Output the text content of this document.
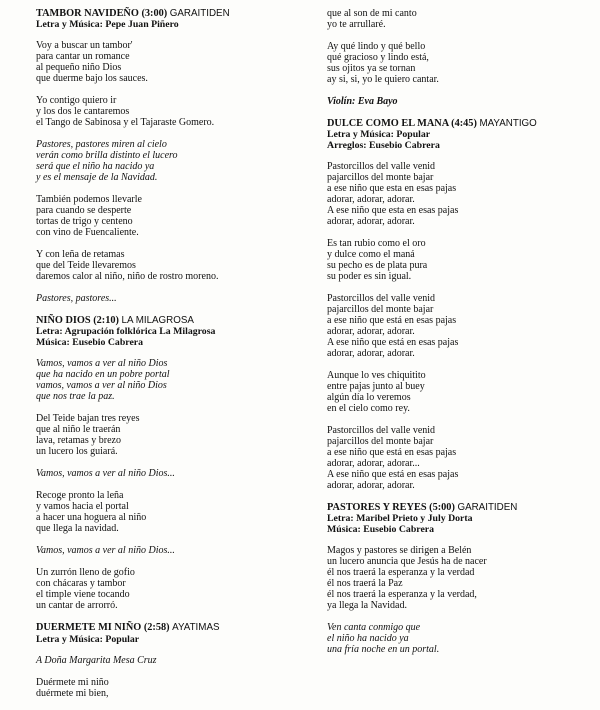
TAMBOR NAVIDEÑO (3:00) GARAITIDEN

Letra y Música: Pepe Juan Piñero

Voy a buscar un tambor'
para cantar un romance
al pequeño niño Dios
que duerme bajo los sauces.
Yo contigo quiero ir
y los dos le cantaremos
el Tango de Sabinosa y el Tajaraste Gomero.
Pastores, pastores miren al cielo
verán como brilla distinto el lucero
será que el niño ha nacido ya
y es el mensaje de la Navidad.
También podemos llevarle
para cuando se desperte
tortas de trigo y centeno
con vino de Fuencaliente.
Y con leña de retamas
que del Teide llevaremos
daremos calor al niño, niño de rostro moreno.
Pastores, pastores...

NIÑO DIOS (2:10) LA MILAGROSA

Letra: Agrupación folklórica La Milagrosa

Música: Eusebio Cabrera

Vamos, vamos a ver al niño Dios
que ha nacido en un pobre portal
vamos, vamos a ver al niño Dios
que nos trae la paz.
Del Teide bajan tres reyes
que al niño le traerán
lava, retamas y brezo
un lucero los guiará.
Vamos, vamos a ver al niño Dios...
Recoge pronto la leña
y vamos hacia el portal
a hacer una hoguera al niño
que llega la navidad.
Vamos, vamos a ver al niño Dios...
Un zurrón lleno de gofio
con chácaras y tambor
el timple viene tocando
un cantar de arrorró.

DUERMETE MI NIÑO (2:58) AYATIMAS

Letra y Música: Popular

A Doña Margarita Mesa Cruz
Duérmete mi niño
duérmete mi bien,
que al son de mi canto
yo te arrullaré.
Ay qué lindo y qué bello
qué gracioso y lindo está,
sus ojitos ya se tornan
ay si, si, yo le quiero cantar.
Violín: Eva Bayo

DULCE COMO EL MANA (4:45) MAYANTIGO

Letra y Música: Popular

Arreglos: Eusebio Cabrera

Pastorcillos del valle venid
pajarcillos del monte bajar
a ese niño que esta en esas pajas
adorar, adorar, adorar.
A ese niño que esta en esas pajas
adorar, adorar, adorar.
Es tan rubio como el oro
y dulce como el maná
su pecho es de plata pura
su poder es sin igual.
Pastorcillos del valle venid
pajarcillos del monte bajar
a ese niño que está en esas pajas
adorar, adorar, adorar.
A ese niño que está en esas pajas
adorar, adorar, adorar.
Aunque lo ves chiquitito
entre pajas junto al buey
algún día lo veremos
en el cielo como rey.
Pastorcillos del valle venid
pajarcillos del monte bajar
a ese niño que está en esas pajas
adorar, adorar, adorar...
A ese niño que está en esas pajas
adorar, adorar, adorar.

PASTORES Y REYES (5:00) GARAITIDEN

Letra: Maribel Prieto y July Dorta

Música: Eusebio Cabrera

Magos y pastores se dirigen a Belén
un lucero anuncia que Jesús ha de nacer
él nos traerá la esperanza y la verdad
él nos traerá la Paz
él nos traerá la esperanza y la verdad,
ya llega la Navidad.
Ven canta conmigo que
el niño ha nacido ya
una fría noche en un portal.
